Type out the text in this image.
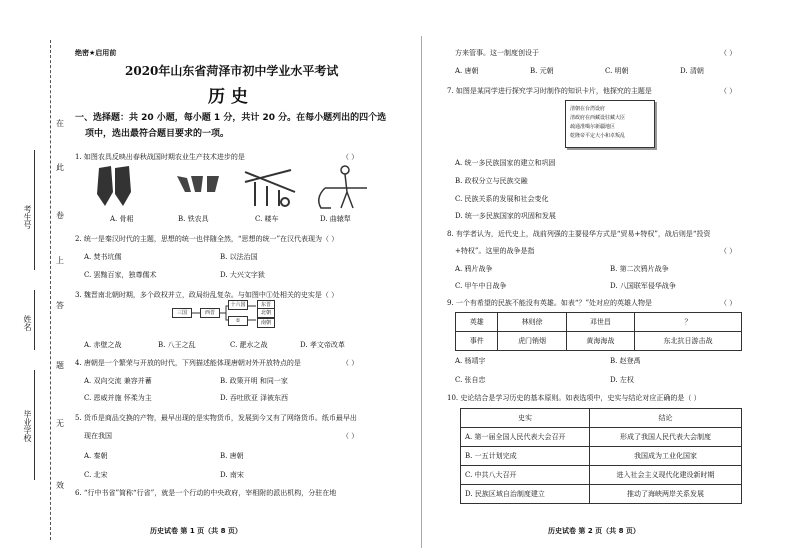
在
此
卷
上
答
题
无
效
考生号
姓名
毕业学校
绝密★启用前
2020年山东省菏泽市初中学业水平考试
历 史
一、选择题：共 20 小题，每小题 1 分，共计 20 分。在每小题列出的四个选
项中，选出最符合题目要求的一项。
1. 如图农具反映出春秋战国时期农业生产技术进步的是	（ ）
A. 骨耜	B. 铁农具	C. 耧车	D. 曲辕犁
2. 统一是秦汉时代的主题，思想的统一也伴随全然，“思想的统一”在汉代表现为（ ）
A. 焚书坑儒	B. 以法治国
C. 罢黜百家，独尊儒术	D. 大兴文字狱
3. 魏晋南北朝时期，多个政权并立，政局纷乱复杂。与如图中①处相关的史实是（ ）
三国	西晋
十六国	东晋
①
北朝
南朝
A. 赤壁之战	B. 八王之乱	C. 淝水之战	D. 孝文帝改革
4. 唐朝是一个繁荣与开放的时代，下列描述能体现唐朝对外开放特点的是	（ ）
A. 双向交流 兼容并蓄	B. 政策开明 和同一家
C. 恩威并施 怀柔为主	D. 吞吐欧亚 泽被东西
5. 货币是商品交换的产物，最早出现的是实物货币，发展到今又有了网络货币。纸币最早出
（ ）
现在我国
A. 秦朝	B. 唐朝
C. 北宋	D. 南宋
6. “行中书省”简称“行省”，就是一个行动的中央政府，宰相附的派出机构，分驻在地
历史试卷 第 1 页（共 8 页）
方来管事。这一制度创设于	（ ）
A. 唐朝	B. 元朝	C. 明朝	D. 清朝
7. 如图是某同学进行探究学习时制作的知识卡片，他探究的主题是	（ ）
清朝在台湾设府
清政府在西藏设驻藏大臣
疏通准噶尔新疆地区
乾隆帝平定大小和卓叛乱
A. 统一多民族国家的建立和巩固
B. 政权分立与民族交融
C. 民族关系的发展和社会变化
D. 统一多民族国家的巩固和发展
8. 有学者认为，近代史上，战前列强的主要侵华方式是“贸易+特权”，战后则是“投资
+特权”。这里的战争是指	（ ）
A. 鸦片战争	B. 第二次鸦片战争
C. 甲午中日战争	D. 八国联军侵华战争
9. 一个有希望的民族不能没有英雄。如表“？”处对应的英雄人物是	（ ）
英雄	林则徐	邓世昌	？
事件	虎门销烟	黄海海战	东北抗日游击战
A. 杨靖宇	B. 赵登禹
C. 张自忠	D. 左权
10. 史论结合是学习历史的基本原则。如表选项中，史实与结论对应正确的是（ ）
史实	结论
A. 第一届全国人民代表大会召开	形成了我国人民代表大会制度
B. 一五计划完成	我国成为工业化国家
C. 中共八大召开	进入社会主义现代化建设新时期
D. 民族区域自治制度建立	推动了海峡两岸关系发展
历史试卷 第 2 页（共 8 页）
